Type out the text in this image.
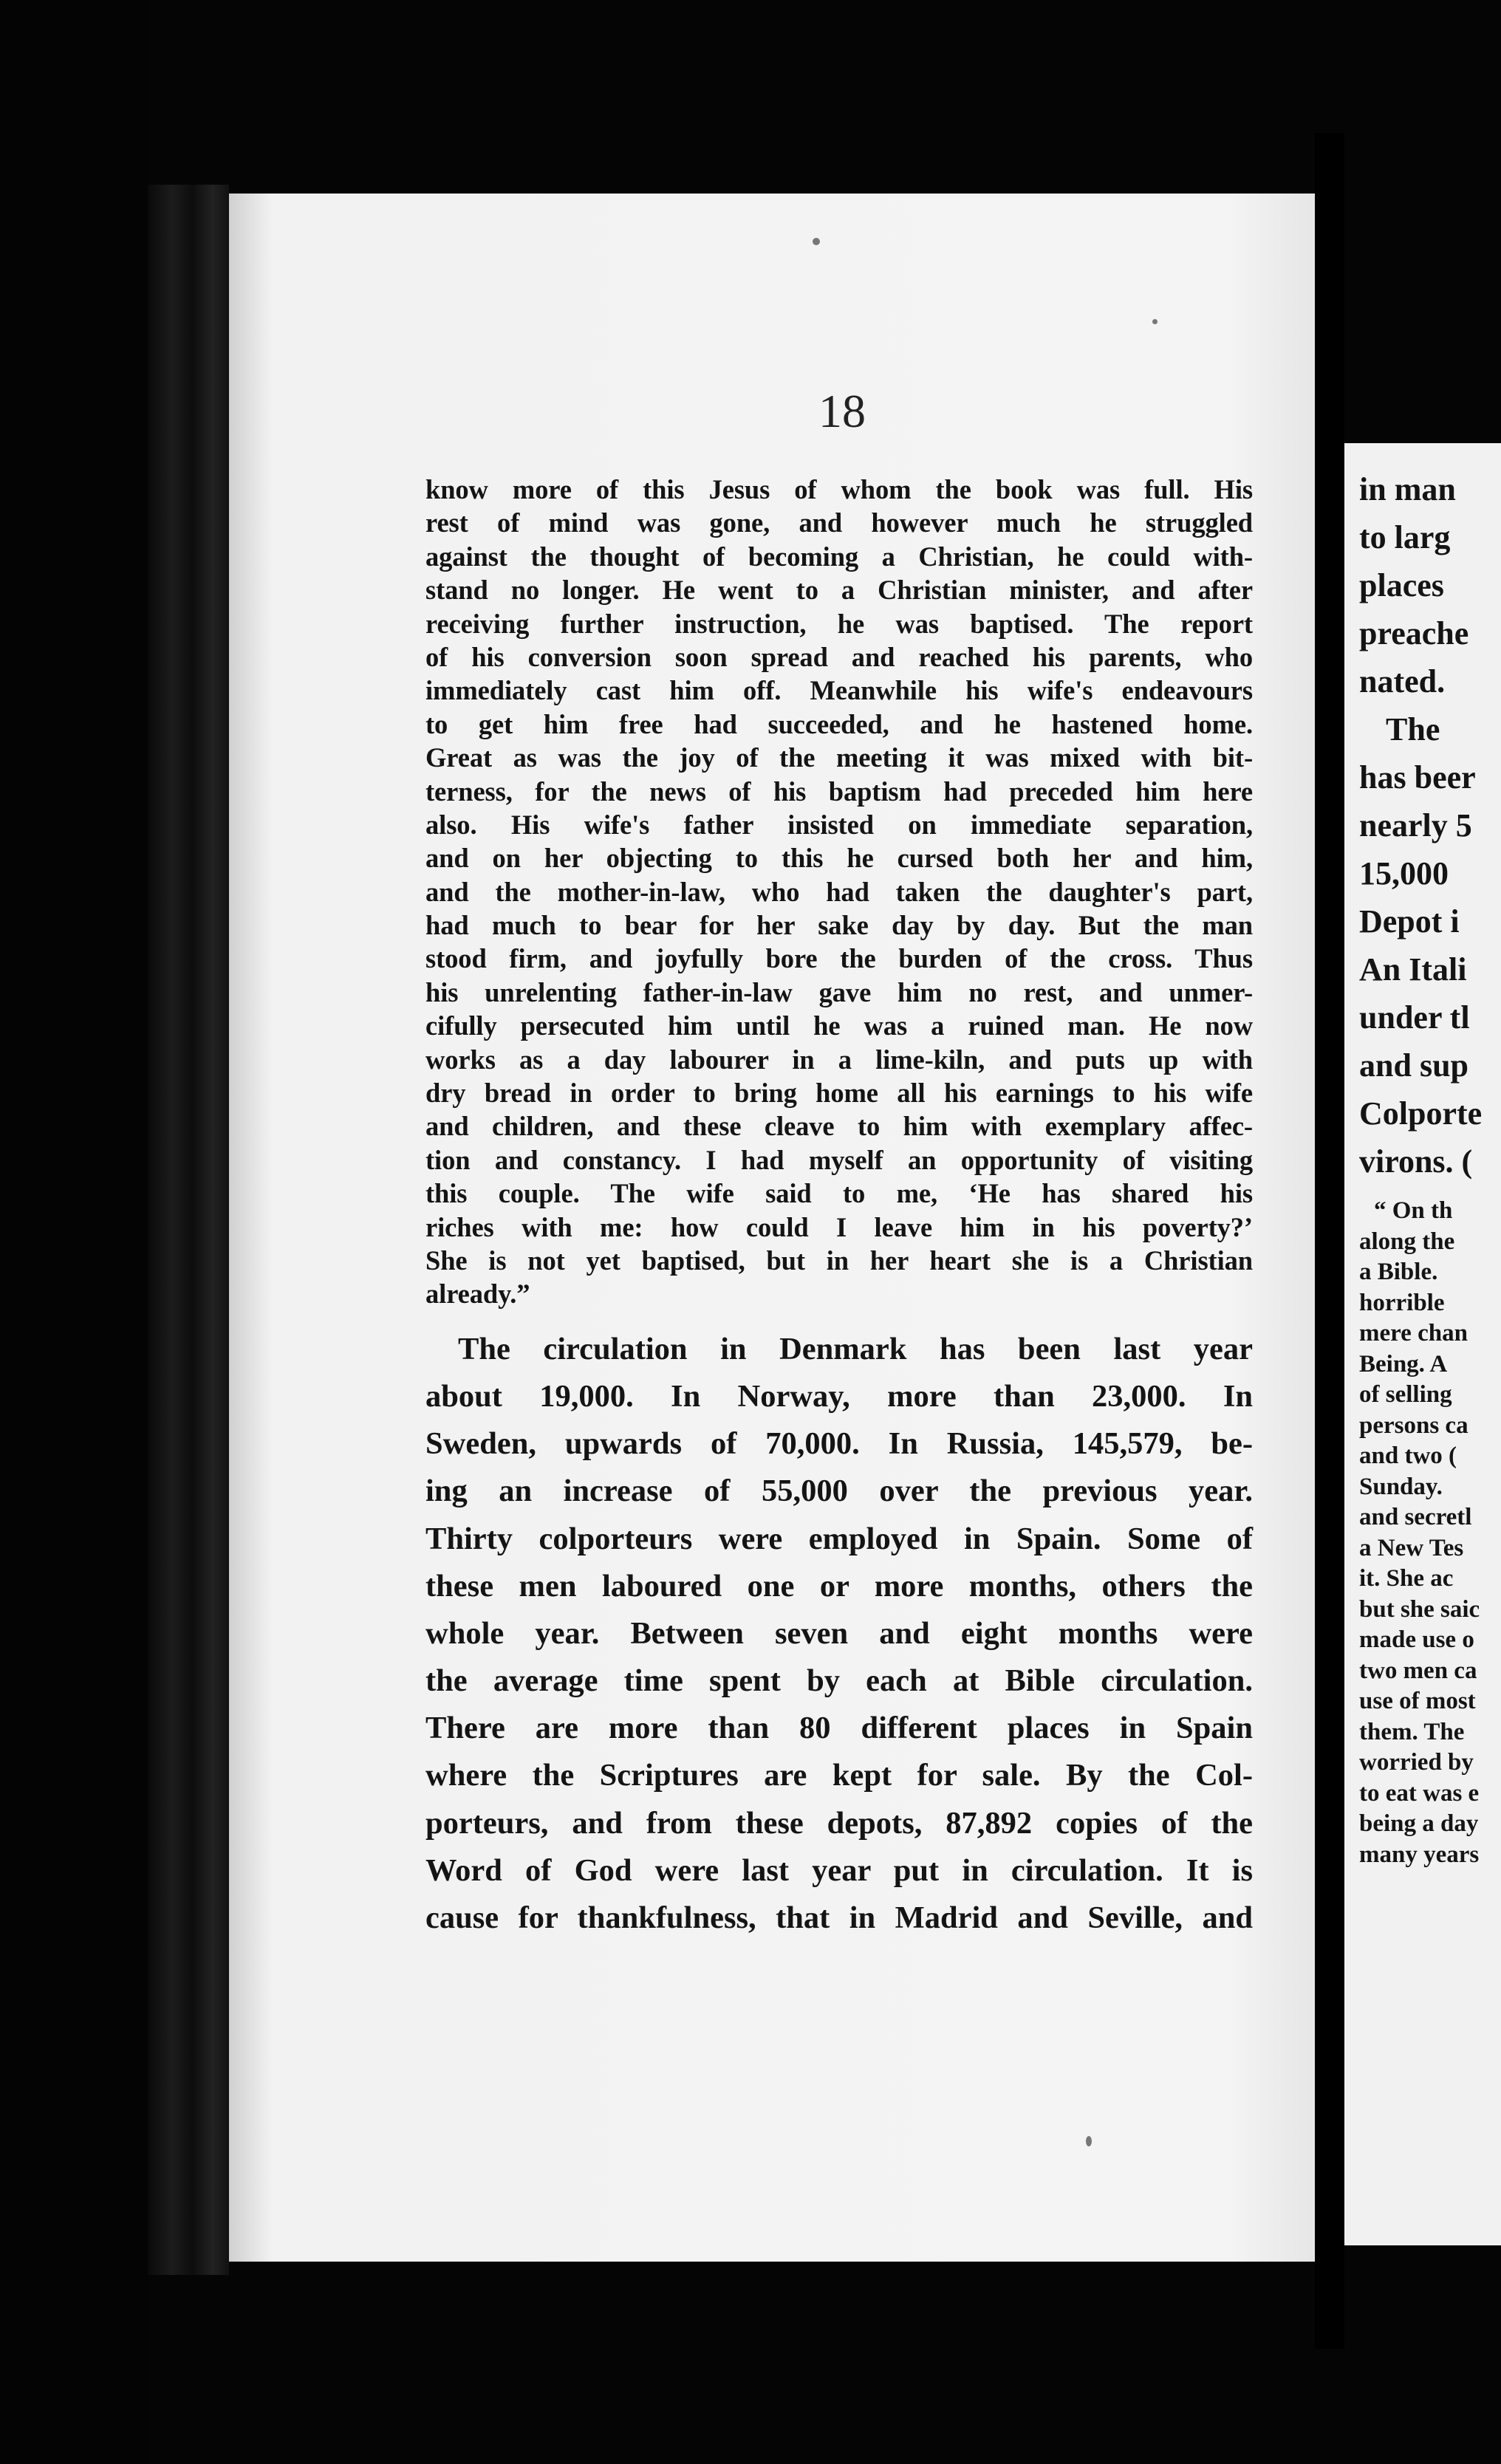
18
know more of this Jesus of whom the book was full. His
rest of mind was gone, and however much he struggled
against the thought of becoming a Christian, he could with-
stand no longer. He went to a Christian minister, and after
receiving further instruction, he was baptised. The report
of his conversion soon spread and reached his parents, who
immediately cast him off. Meanwhile his wife's endeavours
to get him free had succeeded, and he hastened home.
Great as was the joy of the meeting it was mixed with bit-
terness, for the news of his baptism had preceded him here
also. His wife's father insisted on immediate separation,
and on her objecting to this he cursed both her and him,
and the mother-in-law, who had taken the daughter's part,
had much to bear for her sake day by day. But the man
stood firm, and joyfully bore the burden of the cross. Thus
his unrelenting father-in-law gave him no rest, and unmer-
cifully persecuted him until he was a ruined man. He now
works as a day labourer in a lime-kiln, and puts up with
dry bread in order to bring home all his earnings to his wife
and children, and these cleave to him with exemplary affec-
tion and constancy. I had myself an opportunity of visiting
this couple. The wife said to me, ‘He has shared his
riches with me: how could I leave him in his poverty?’
She is not yet baptised, but in her heart she is a Christian
already.”
The circulation in Denmark has been last year
about 19,000. In Norway, more than 23,000. In
Sweden, upwards of 70,000. In Russia, 145,579, be-
ing an increase of 55,000 over the previous year.
Thirty colporteurs were employed in Spain. Some of
these men laboured one or more months, others the
whole year. Between seven and eight months were
the average time spent by each at Bible circulation.
There are more than 80 different places in Spain
where the Scriptures are kept for sale. By the Col-
porteurs, and from these depots, 87,892 copies of the
Word of God were last year put in circulation. It is
cause for thankfulness, that in Madrid and Seville, and
in man
to larg
places
preache
nated.
The
has beer
nearly 5
15,000
Depot i
An Itali
under tl
and sup
Colporte
virons. (
“ On th
along the
a Bible.
horrible
mere chan
Being. A
of selling
persons ca
and two (
Sunday.
and secretl
a New Tes
it. She ac
but she saic
made use o
two men ca
use of most
them. The
worried by
to eat was e
being a day
many years
